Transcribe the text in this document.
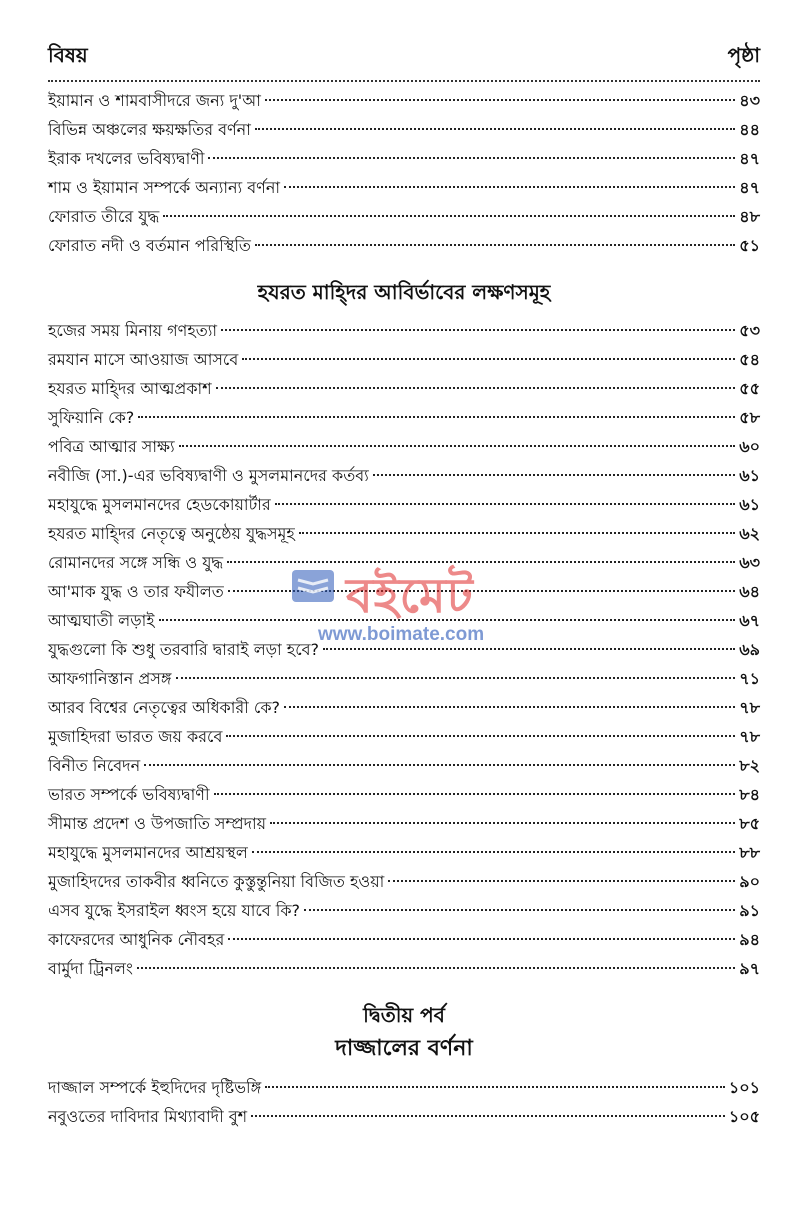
বিষয়	পৃষ্ঠা
ইয়ামান ও শামবাসীদরে জন্য দু'আ	৪৩
বিভিন্ন অঞ্চলের ক্ষয়ক্ষতির বর্ণনা	৪৪
ইরাক দখলের ভবিষ্যদ্বাণী	৪৭
শাম ও ইয়ামান সম্পর্কে অন্যান্য বর্ণনা	৪৭
ফোরাত তীরে যুদ্ধ	৪৮
ফোরাত নদী ও বর্তমান পরিস্থিতি	৫১
হযরত মাহ্দির আবির্ভাবের লক্ষণসমূহ
হজের সময় মিনায় গণহত্যা	৫৩
রমযান মাসে আওয়াজ আসবে	৫৪
হযরত মাহ্দির আত্মপ্রকাশ	৫৫
সুফিয়ানি কে?	৫৮
পবিত্র আত্মার সাক্ষ্য	৬০
নবীজি (সা.)-এর ভবিষ্যদ্বাণী ও মুসলমানদের কর্তব্য	৬১
মহাযুদ্ধে মুসলমানদের হেডকোয়ার্টার	৬১
হযরত মাহ্দির নেতৃত্বে অনুষ্ঠেয় যুদ্ধসমূহ	৬২
রোমানদের সঙ্গে সন্ধি ও যুদ্ধ	৬৩
আ'মাক যুদ্ধ ও তার ফযীলত	৬৪
আত্মঘাতী লড়াই	৬৭
যুদ্ধগুলো কি শুধু তরবারি দ্বারাই লড়া হবে?	৬৯
আফগানিস্তান প্রসঙ্গ	৭১
আরব বিশ্বের নেতৃত্বের অধিকারী কে?	৭৮
মুজাহিদরা ভারত জয় করবে	৭৮
বিনীত নিবেদন	৮২
ভারত সম্পর্কে ভবিষ্যদ্বাণী	৮৪
সীমান্ত প্রদেশ ও উপজাতি সম্প্রদায়	৮৫
মহাযুদ্ধে মুসলমানদের আশ্রয়স্থল	৮৮
মুজাহিদদের তাকবীর ধ্বনিতে কুস্তুন্তুনিয়া বিজিত হওয়া	৯০
এসব যুদ্ধে ইসরাইল ধ্বংস হয়ে যাবে কি?	৯১
কাফেরদের আধুনিক নৌবহর	৯৪
বার্মুদা ট্রিনলং	৯৭
দ্বিতীয় পর্ব
দাজ্জালের বর্ণনা
দাজ্জাল সম্পর্কে ইহুদিদের দৃষ্টিভঙ্গি	১০১
নবুওতের দাবিদার মিথ্যাবাদী বুশ	১০৫
বইমেট
www.boimate.com
